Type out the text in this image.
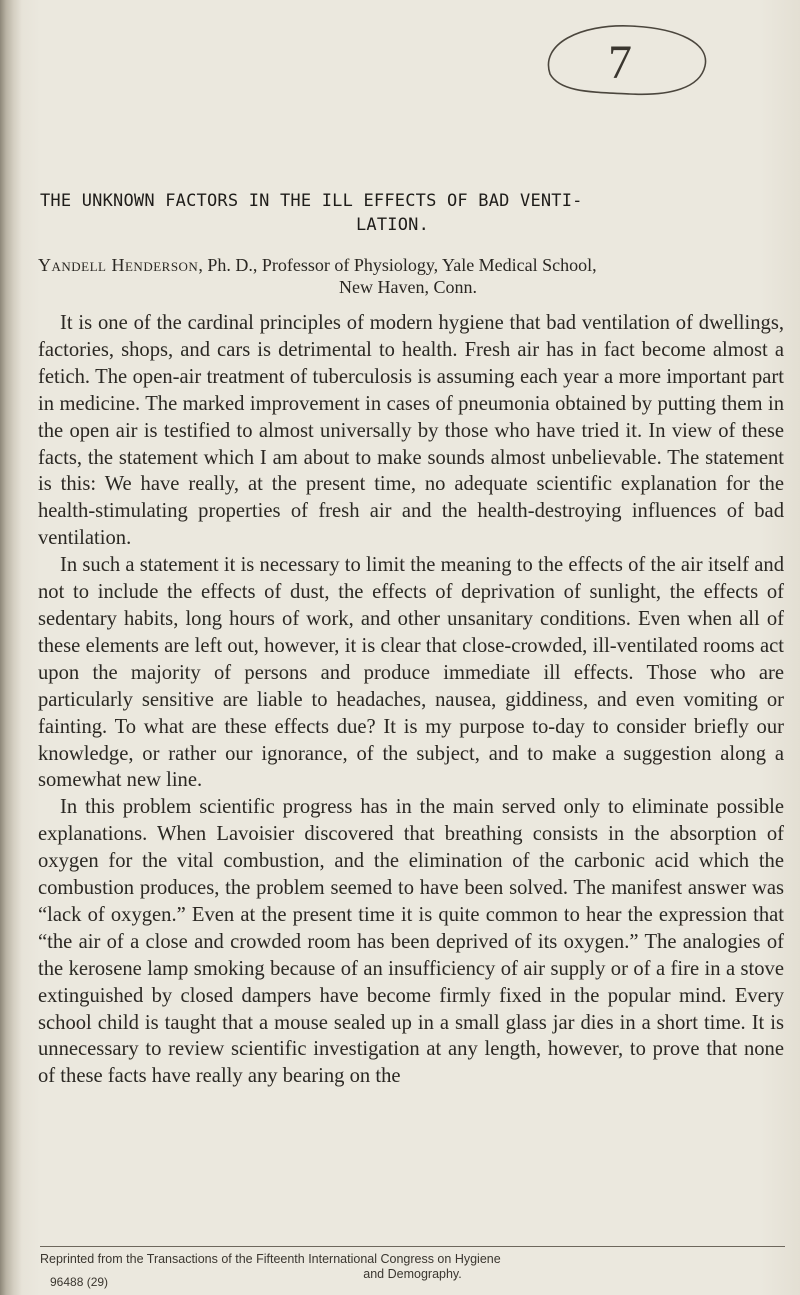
7
THE UNKNOWN FACTORS IN THE ILL EFFECTS OF BAD VENTI-
LATION.
Yandell Henderson, Ph. D., Professor of Physiology, Yale Medical School,
New Haven, Conn.

It is one of the cardinal principles of modern hygiene that bad ventilation of dwellings, factories, shops, and cars is detrimental to health. Fresh air has in fact become almost a fetich. The open-air treatment of tuberculosis is assuming each year a more important part in medicine. The marked improvement in cases of pneumonia obtained by putting them in the open air is testified to almost universally by those who have tried it. In view of these facts, the statement which I am about to make sounds almost unbelievable. The statement is this: We have really, at the present time, no adequate scientific explanation for the health-stimulating properties of fresh air and the health-destroying influences of bad ventilation.

In such a statement it is necessary to limit the meaning to the effects of the air itself and not to include the effects of dust, the effects of deprivation of sunlight, the effects of sedentary habits, long hours of work, and other unsanitary conditions. Even when all of these elements are left out, however, it is clear that close-crowded, ill-ventilated rooms act upon the majority of persons and produce immediate ill effects. Those who are particularly sensitive are liable to headaches, nausea, giddiness, and even vomiting or fainting. To what are these effects due? It is my purpose to-day to consider briefly our knowledge, or rather our ignorance, of the subject, and to make a suggestion along a somewhat new line.

In this problem scientific progress has in the main served only to eliminate possible explanations. When Lavoisier discovered that breathing consists in the absorption of oxygen for the vital combustion, and the elimination of the carbonic acid which the combustion produces, the problem seemed to have been solved. The manifest answer was “lack of oxygen.” Even at the present time it is quite common to hear the expression that “the air of a close and crowded room has been deprived of its oxygen.” The analogies of the kerosene lamp smoking because of an insufficiency of air supply or of a fire in a stove extinguished by closed dampers have become firmly fixed in the popular mind. Every school child is taught that a mouse sealed up in a small glass jar dies in a short time. It is unnecessary to review scientific investigation at any length, however, to prove that none of these facts have really any bearing on the

Reprinted from the Transactions of the Fifteenth International Congress on Hygiene
and Demography.
96488 (29)
